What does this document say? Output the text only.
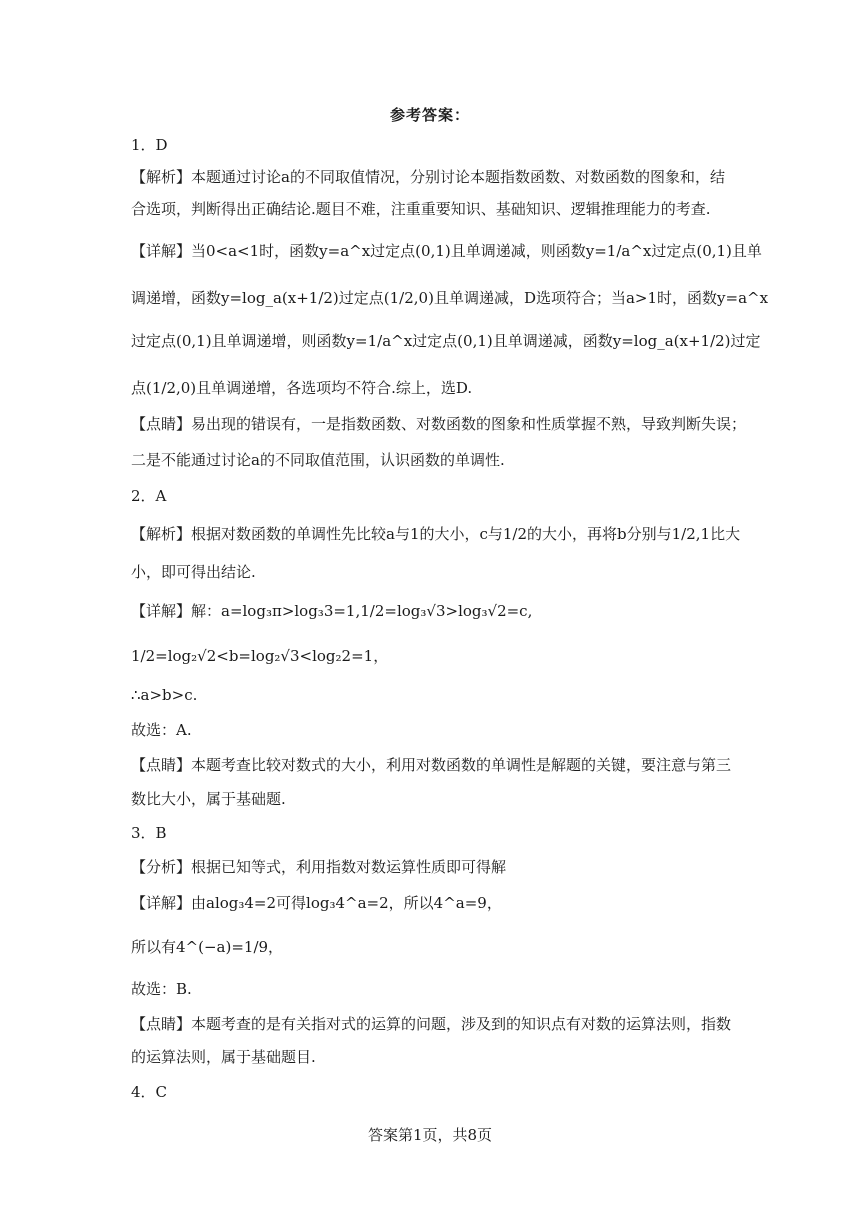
参考答案：
1．D
【解析】本题通过讨论a的不同取值情况，分别讨论本题指数函数、对数函数的图象和，结
合选项，判断得出正确结论.题目不难，注重重要知识、基础知识、逻辑推理能力的考查.
【详解】当0<a<1时，函数y=a^x过定点(0,1)且单调递减，则函数y=1/a^x过定点(0,1)且单
调递增，函数y=log_a(x+1/2)过定点(1/2,0)且单调递减，D选项符合；当a>1时，函数y=a^x
过定点(0,1)且单调递增，则函数y=1/a^x过定点(0,1)且单调递减，函数y=log_a(x+1/2)过定
点(1/2,0)且单调递增，各选项均不符合.综上，选D.
【点睛】易出现的错误有，一是指数函数、对数函数的图象和性质掌握不熟，导致判断失误；
二是不能通过讨论a的不同取值范围，认识函数的单调性.
2．A
【解析】根据对数函数的单调性先比较a与1的大小，c与1/2的大小，再将b分别与1/2,1比大
小，即可得出结论.
【详解】解：a=log₃π>log₃3=1,1/2=log₃√3>log₃√2=c,
1/2=log₂√2<b=log₂√3<log₂2=1，
∴a>b>c.
故选：A.
【点睛】本题考查比较对数式的大小，利用对数函数的单调性是解题的关键，要注意与第三
数比大小，属于基础题.
3．B
【分析】根据已知等式，利用指数对数运算性质即可得解
【详解】由alog₃4=2可得log₃4^a=2，所以4^a=9，
所以有4^(−a)=1/9，
故选：B.
【点睛】本题考查的是有关指对式的运算的问题，涉及到的知识点有对数的运算法则，指数
的运算法则，属于基础题目.
4．C
答案第1页，共8页
